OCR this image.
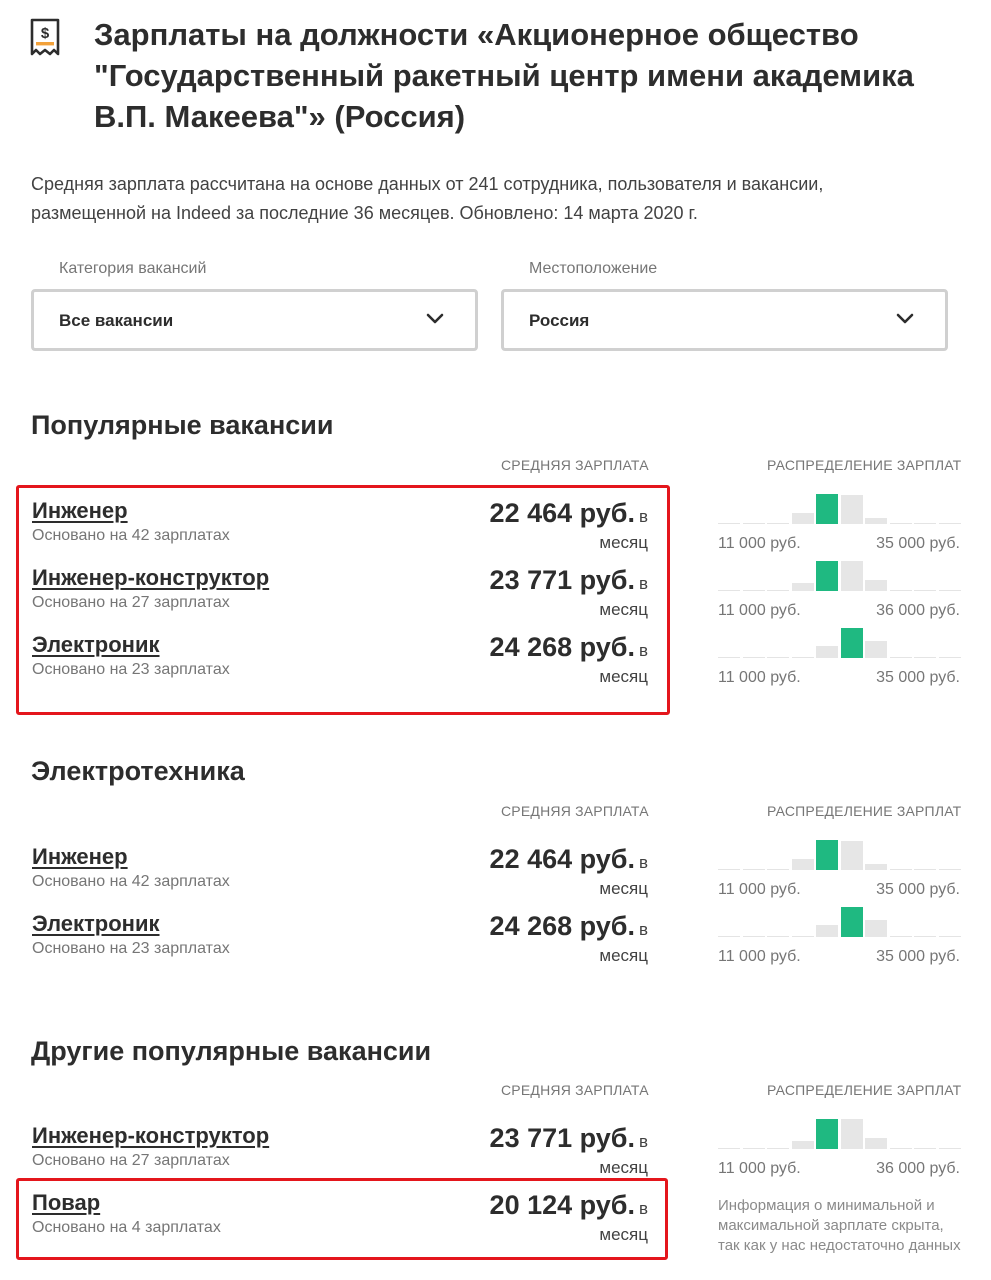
$ Зарплаты на должности «Акционерное общество "Государственный ракетный центр имени академика В.П. Макеева"» (Россия)

Средняя зарплата рассчитана на основе данных от 241 сотрудника, пользователя и вакансии, размещенной на Indeed за последние 36 месяцев. Обновлено: 14 марта 2020 г.

Категория вакансий
Все вакансии
Местоположение
Россия
Популярные вакансии
СРЕДНЯЯ ЗАРПЛАТА	РАСПРЕДЕЛЕНИЕ ЗАРПЛАТ
Инженер
Основано на 42 зарплатах
22 464 руб. в
месяц	11 000 руб.	35 000 руб.
Инженер-конструктор
Основано на 27 зарплатах
23 771 руб. в
месяц	11 000 руб.	36 000 руб.
Электроник
Основано на 23 зарплатах
24 268 руб. в
месяц	11 000 руб.	35 000 руб.
Электротехника
СРЕДНЯЯ ЗАРПЛАТА	РАСПРЕДЕЛЕНИЕ ЗАРПЛАТ
Инженер
Основано на 42 зарплатах
22 464 руб. в
месяц	11 000 руб.	35 000 руб.
Электроник
Основано на 23 зарплатах
24 268 руб. в
месяц	11 000 руб.	35 000 руб.
Другие популярные вакансии
СРЕДНЯЯ ЗАРПЛАТА	РАСПРЕДЕЛЕНИЕ ЗАРПЛАТ
Инженер-конструктор
Основано на 27 зарплатах
23 771 руб. в
месяц	11 000 руб.	36 000 руб.
Повар
Основано на 4 зарплатах
20 124 руб. в
месяц

Информация о минимальной и максимальной зарплате скрыта, так как у нас недостаточно данных
